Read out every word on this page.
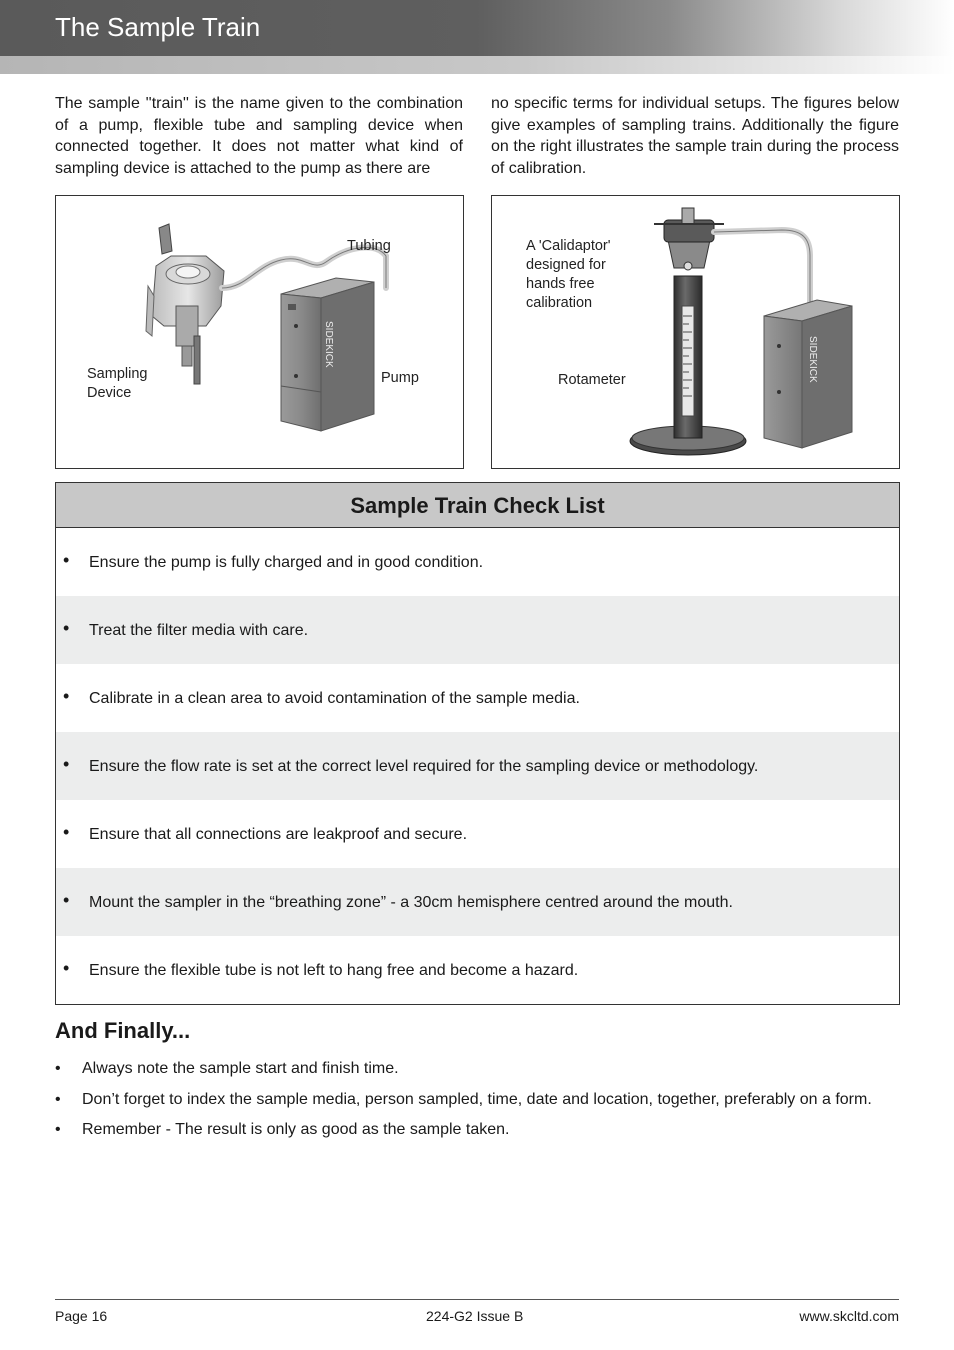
The Sample Train
The sample ''train'' is the name given to the combination of a pump, flexible tube and sampling device when connected together. It does not matter what kind of sampling device is attached to the pump as there are
no specific terms for individual setups. The figures below give examples of sampling trains. Additionally the figure on the right illustrates the sample train during the process of calibration.
SIDEKICK
Tubing
Pump
Sampling
Device
SIDEKICK
A 'Calidaptor'
designed for
hands free
calibration
Rotameter
Sample Train Check List
• Ensure the pump is fully charged and in good condition.
• Treat the filter media with care.
• Calibrate in a clean area to avoid contamination of the sample media.
• Ensure the flow rate is set at the correct level required for the sampling device or methodology.
• Ensure that all connections are leakproof and secure.
• Mount the sampler in the “breathing zone” - a 30cm hemisphere centred around the mouth.
• Ensure the flexible tube is not left to hang free and become a hazard.
And Finally...
• Always note the sample start and finish time.
• Don’t forget to index the sample media, person sampled, time, date and location, together, preferably on a form.
• Remember - The result is only as good as the sample taken.
Page 16	224-G2 Issue B	www.skcltd.com
